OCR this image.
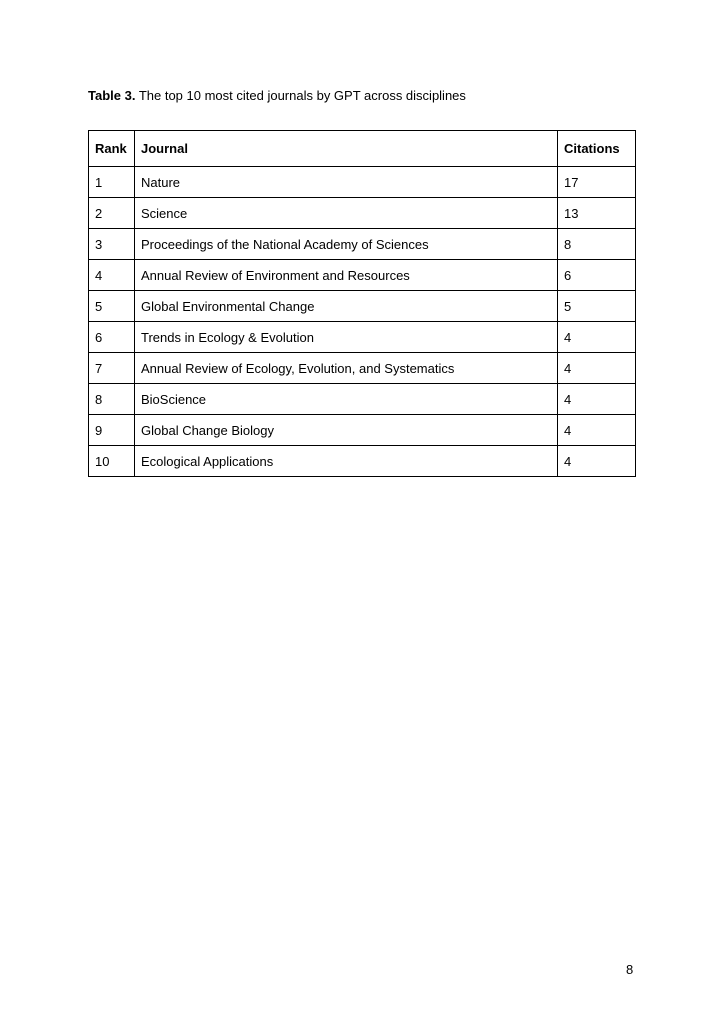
Table 3. The top 10 most cited journals by GPT across disciplines
Rank	Journal	Citations
1	Nature	17
2	Science	13
3	Proceedings of the National Academy of Sciences	8
4	Annual Review of Environment and Resources	6
5	Global Environmental Change	5
6	Trends in Ecology & Evolution	4
7	Annual Review of Ecology, Evolution, and Systematics	4
8	BioScience	4
9	Global Change Biology	4
10	Ecological Applications	4
8
